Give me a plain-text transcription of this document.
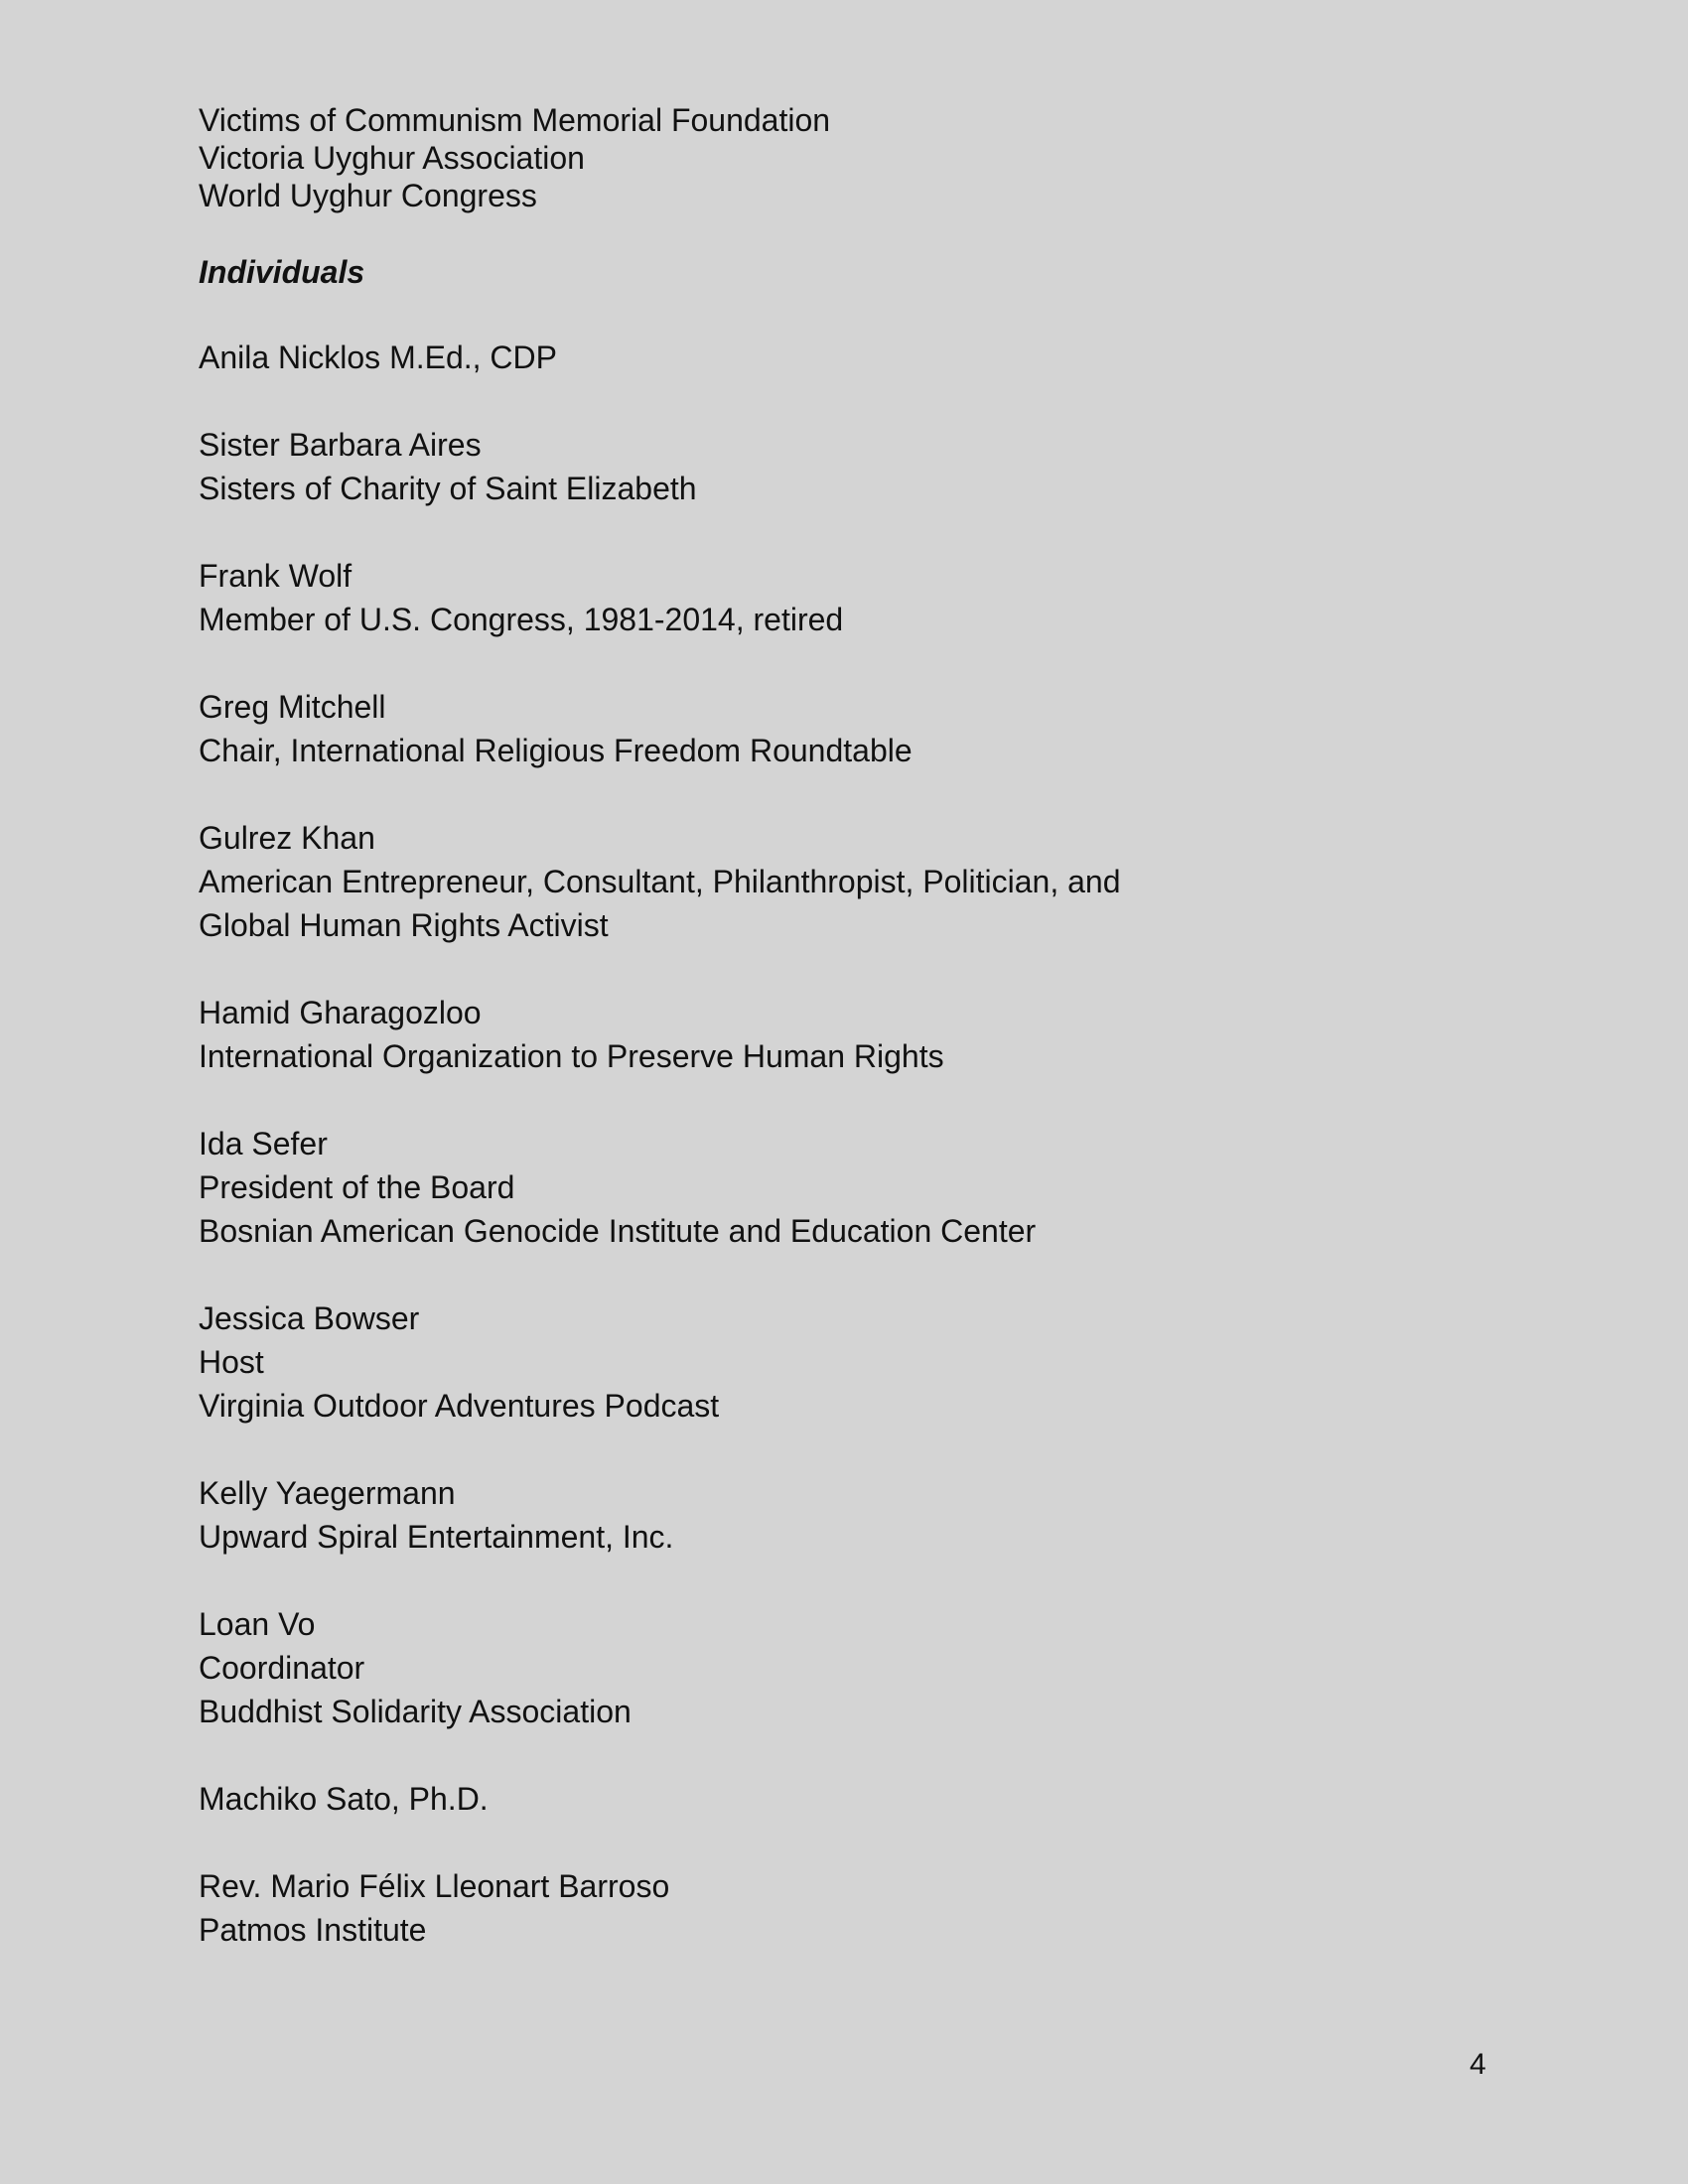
Victims of Communism Memorial Foundation
Victoria Uyghur Association
World Uyghur Congress
Individuals
Anila Nicklos M.Ed., CDP
Sister Barbara Aires
Sisters of Charity of Saint Elizabeth
Frank Wolf
Member of U.S. Congress, 1981-2014, retired
Greg Mitchell
Chair, International Religious Freedom Roundtable
Gulrez Khan
American Entrepreneur, Consultant, Philanthropist, Politician, and
Global Human Rights Activist
Hamid Gharagozloo
International Organization to Preserve Human Rights
Ida Sefer
President of the Board
Bosnian American Genocide Institute and Education Center
Jessica Bowser
Host
Virginia Outdoor Adventures Podcast
Kelly Yaegermann
Upward Spiral Entertainment, Inc.
Loan Vo
Coordinator
Buddhist Solidarity Association
Machiko Sato, Ph.D.
Rev. Mario Félix Lleonart Barroso
Patmos Institute
4
